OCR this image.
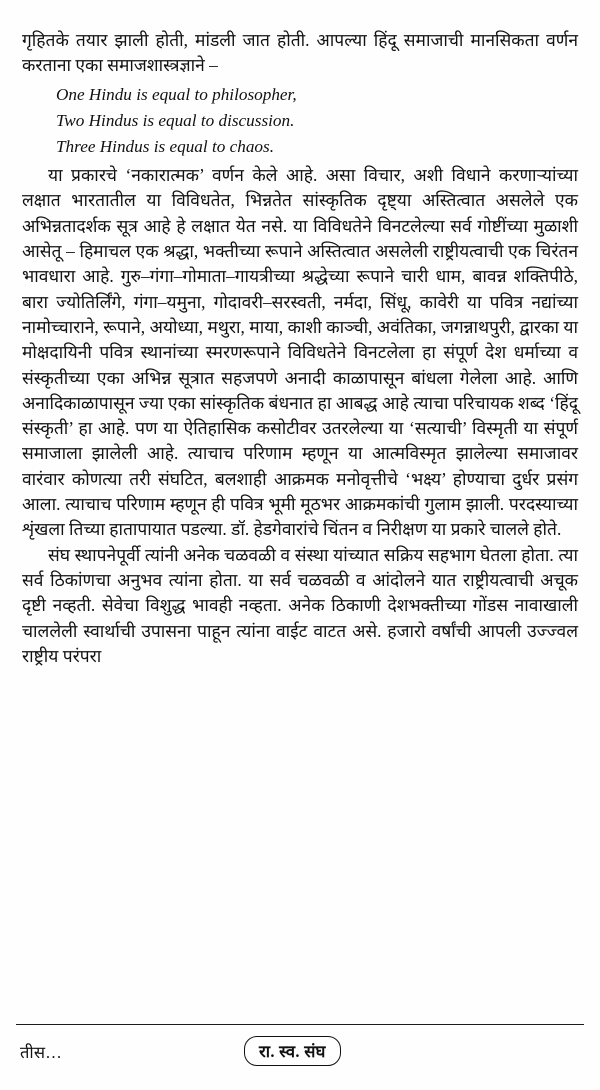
गृहितके तयार झाली होती, मांडली जात होती. आपल्या हिंदू समाजाची मानसिकता वर्णन करताना एका समाजशास्त्रज्ञाने –

One Hindu is equal to philosopher,
Two Hindus is equal to discussion.
Three Hindus is equal to chaos.

या प्रकारचे ‘नकारात्मक’ वर्णन केले आहे. असा विचार, अशी विधाने करणाऱ्यांच्या लक्षात भारतातील या विविधतेत, भिन्नतेत सांस्कृतिक दृष्ट्या अस्तित्वात असलेले एक अभिन्नतादर्शक सूत्र आहे हे लक्षात येत नसे. या विविधतेने विनटलेल्या सर्व गोष्टींच्या मुळाशी आसेतू – हिमाचल एक श्रद्धा, भक्तीच्या रूपाने अस्तित्वात असलेली राष्ट्रीयत्वाची एक चिरंतन भावधारा आहे. गुरु–गंगा–गोमाता–गायत्रीच्या श्रद्धेच्या रूपाने चारी धाम, बावन्न शक्तिपीठे, बारा ज्योतिर्लिंगे, गंगा–यमुना, गोदावरी–सरस्वती, नर्मदा, सिंधू, कावेरी या पवित्र नद्यांच्या नामोच्चाराने, रूपाने, अयोध्या, मथुरा, माया, काशी काञ्ची, अवंतिका, जगन्नाथपुरी, द्वारका या मोक्षदायिनी पवित्र स्थानांच्या स्मरणरूपाने विविधतेने विनटलेला हा संपूर्ण देश धर्माच्या व संस्कृतीच्या एका अभिन्न सूत्रात सहजपणे अनादी काळापासून बांधला गेलेला आहे. आणि अनादिकाळापासून ज्या एका सांस्कृतिक बंधनात हा आबद्ध आहे त्याचा परिचायक शब्द ‘हिंदू संस्कृती’ हा आहे. पण या ऐतिहासिक कसोटीवर उतरलेल्या या ‘सत्याची’ विस्मृती या संपूर्ण समाजाला झालेली आहे. त्याचाच परिणाम म्हणून या आत्मविस्मृत झालेल्या समाजावर वारंवार कोणत्या तरी संघटित, बलशाही आक्रमक मनोवृत्तीचे ‘भक्ष्य’ होण्याचा दुर्धर प्रसंग आला. त्याचाच परिणाम म्हणून ही पवित्र भूमी मूठभर आक्रमकांची गुलाम झाली. परदस्याच्या शृंखला तिच्या हातापायात पडल्या. डॉ. हेडगेवारांचे चिंतन व निरीक्षण या प्रकारे चालले होते.

संघ स्थापनेपूर्वी त्यांनी अनेक चळवळी व संस्था यांच्यात सक्रिय सहभाग घेतला होता. त्या सर्व ठिकांणचा अनुभव त्यांना होता. या सर्व चळवळी व आंदोलने यात राष्ट्रीयत्वाची अचूक दृष्टी नव्हती. सेवेचा विशुद्ध भावही नव्हता. अनेक ठिकाणी देशभक्तीच्या गोंडस नावाखाली चाललेली स्वार्थाची उपासना पाहून त्यांना वाईट वाटत असे. हजारो वर्षांची आपली उज्ज्वल राष्ट्रीय परंपरा

तीस…	रा. स्व. संघ
